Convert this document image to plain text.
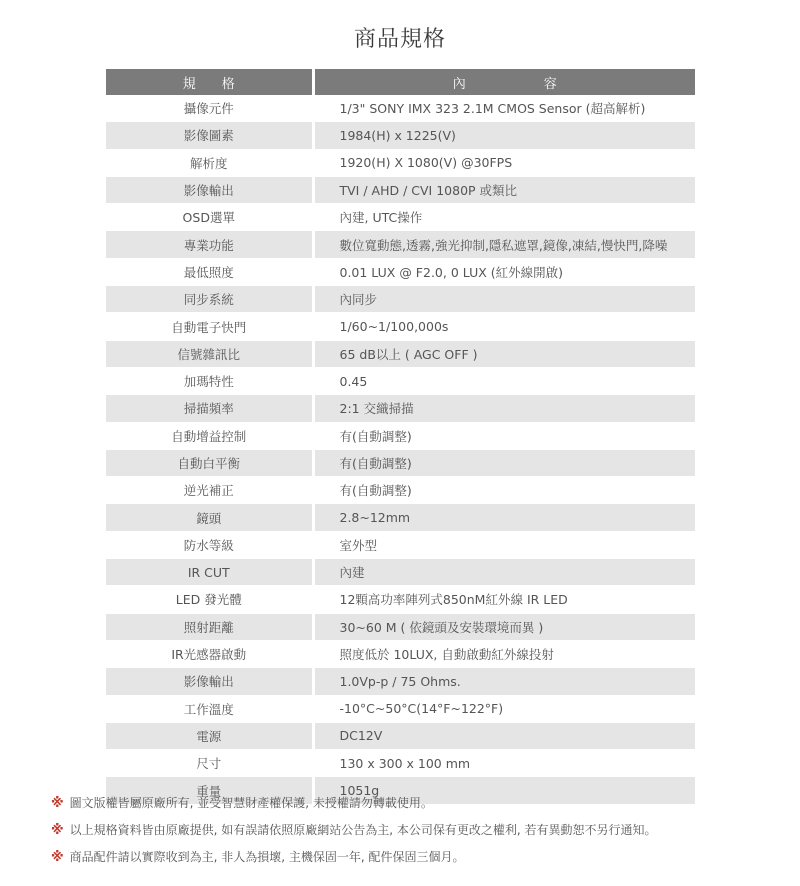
商品規格
規　　格	內　　　　　　容
攝像元件	1/3" SONY IMX 323 2.1M CMOS Sensor (超高解析)
影像圖素	1984(H) x 1225(V)
解析度	1920(H) X 1080(V) @30FPS
影像輸出	TVI / AHD / CVI 1080P 或類比
OSD選單	內建, UTC操作
專業功能	數位寬動態,透霧,強光抑制,隱私遮罩,鏡像,凍結,慢快門,降噪
最低照度	0.01 LUX @ F2.0, 0 LUX (紅外線開啟)
同步系統	內同步
自動電子快門	1/60~1/100,000s
信號雜訊比	65 dB以上 ( AGC OFF )
加瑪特性	0.45
掃描頻率	2:1 交織掃描
自動增益控制	有(自動調整)
自動白平衡	有(自動調整)
逆光補正	有(自動調整)
鏡頭	2.8~12mm
防水等級	室外型
IR CUT	內建
LED 發光體	12顆高功率陣列式850nM紅外線 IR LED
照射距離	30~60 M ( 依鏡頭及安裝環境而異 )
IR光感器啟動	照度低於 10LUX, 自動啟動紅外線投射
影像輸出	1.0Vp-p / 75 Ohms.
工作溫度	-10°C~50°C(14°F~122°F)
電源	DC12V
尺寸	130 x 300 x 100 mm
重量	1051g
※ 圖文版權皆屬原廠所有, 並受智慧財產權保護, 未授權請勿轉載使用。
※ 以上規格資料皆由原廠提供, 如有誤請依照原廠網站公告為主, 本公司保有更改之權利, 若有異動恕不另行通知。
※ 商品配件請以實際收到為主, 非人為損壞, 主機保固一年, 配件保固三個月。
